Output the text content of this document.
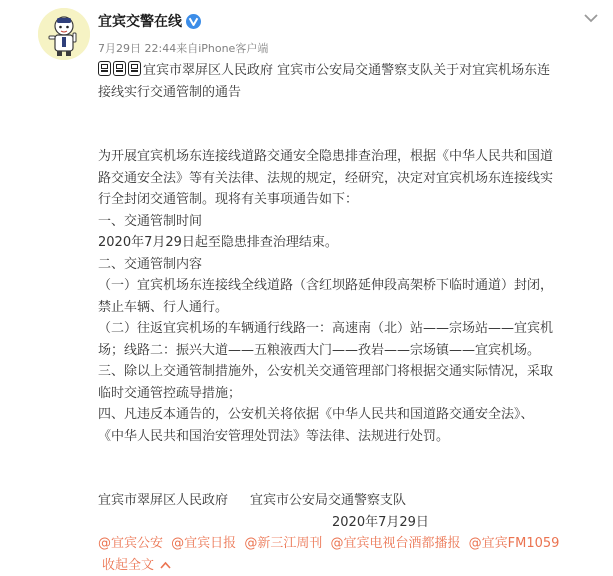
宜宾交警在线
7月29日 22:44来自iPhone客户端
宜宾市翠屏区人民政府 宜宾市公安局交通警察支队关于对宜宾机场东连
接线实行交通管制的通告
为开展宜宾机场东连接线道路交通安全隐患排查治理，根据《中华人民共和国道
路交通安全法》等有关法律、法规的规定，经研究，决定对宜宾机场东连接线实
行全封闭交通管制。现将有关事项通告如下：
一、交通管制时间
2020年7月29日起至隐患排查治理结束。
二、交通管制内容
（一）宜宾机场东连接线全线道路（含红坝路延伸段高架桥下临时通道）封闭，
禁止车辆、行人通行。
（二）往返宜宾机场的车辆通行线路一：高速南（北）站——宗场站——宜宾机
场；线路二：振兴大道——五粮液西大门——孜岩——宗场镇——宜宾机场。
三、除以上交通管制措施外，公安机关交通管理部门将根据交通实际情况，采取
临时交通管控疏导措施；
四、凡违反本通告的，公安机关将依据《中华人民共和国道路交通安全法》、
《中华人民共和国治安管理处罚法》等法律、法规进行处罚。
宜宾市翠屏区人民政府 宜宾市公安局交通警察支队
2020年7月29日
@宜宾公安 @宜宾日报 @新三江周刊 @宜宾电视台酒都播报 @宜宾FM1059
收起全文
